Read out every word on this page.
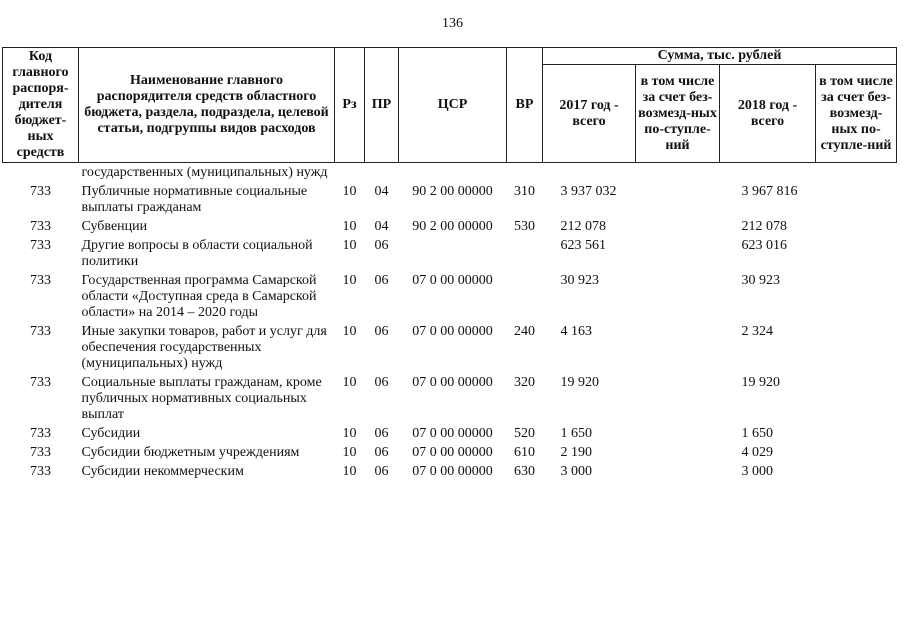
136
Код главного распоря-дителя бюджет-ных средств	Наименование главного распорядителя средств областного бюджета, раздела, подраздела, целевой статьи, подгруппы видов расходов	Рз	ПР	ЦСР	ВР	Сумма, тыс. рублей			
						2017 год - всего	в том числе за счет без-возмезд-ных по-ступле-ний	2018 год - всего	в том числе за счет без-возмезд-ных по-ступле-ний
	государственных (муниципальных) нужд								
733	Публичные нормативные социальные выплаты гражданам	10	04	90 2 00 00000	310	3 937 032		3 967 816	
733	Субвенции	10	04	90 2 00 00000	530	212 078		212 078	
733	Другие вопросы в области социальной политики	10	06			623 561		623 016	
733	Государственная программа Самарской области «Доступная среда в Самарской области» на 2014 – 2020 годы	10	06	07 0 00 00000		30 923		30 923	
733	Иные закупки товаров, работ и услуг для обеспечения государственных (муниципальных) нужд	10	06	07 0 00 00000	240	4 163		2 324	
733	Социальные выплаты гражданам, кроме публичных нормативных социальных выплат	10	06	07 0 00 00000	320	19 920		19 920	
733	Субсидии	10	06	07 0 00 00000	520	1 650		1 650	
733	Субсидии бюджетным учреждениям	10	06	07 0 00 00000	610	2 190		4 029	
733	Субсидии некоммерческим	10	06	07 0 00 00000	630	3 000		3 000	
